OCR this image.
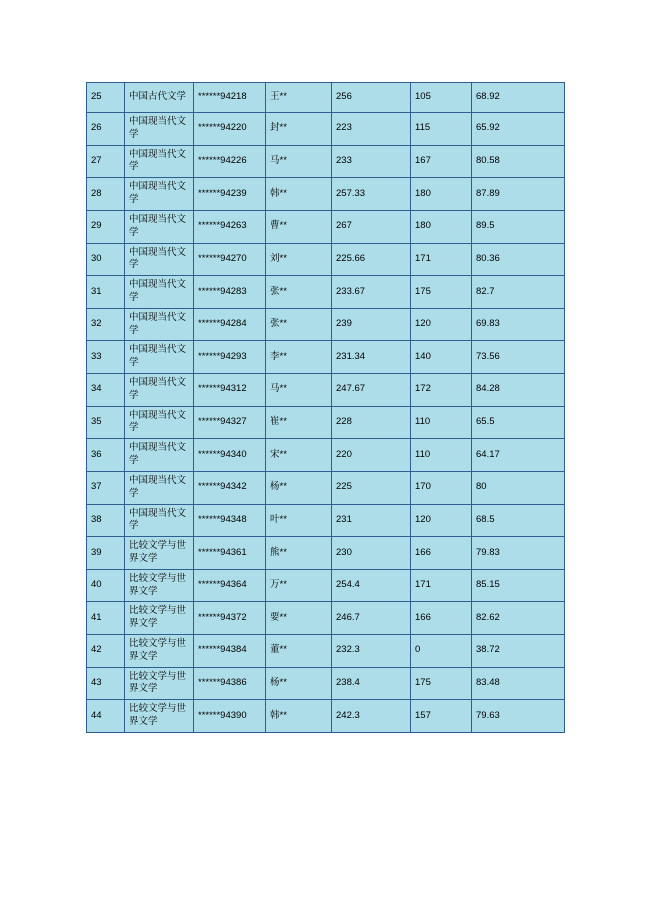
25	中国古代文学	******94218	王**	256	105	68.92
26	中国现当代文学	******94220	封**	223	115	65.92
27	中国现当代文学	******94226	马**	233	167	80.58
28	中国现当代文学	******94239	韩**	257.33	180	87.89
29	中国现当代文学	******94263	曹**	267	180	89.5
30	中国现当代文学	******94270	刘**	225.66	171	80.36
31	中国现当代文学	******94283	张**	233.67	175	82.7
32	中国现当代文学	******94284	张**	239	120	69.83
33	中国现当代文学	******94293	李**	231.34	140	73.56
34	中国现当代文学	******94312	马**	247.67	172	84.28
35	中国现当代文学	******94327	崔**	228	110	65.5
36	中国现当代文学	******94340	宋**	220	110	64.17
37	中国现当代文学	******94342	杨**	225	170	80
38	中国现当代文学	******94348	叶**	231	120	68.5
39	比较文学与世界文学	******94361	熊**	230	166	79.83
40	比较文学与世界文学	******94364	万**	254.4	171	85.15
41	比较文学与世界文学	******94372	要**	246.7	166	82.62
42	比较文学与世界文学	******94384	董**	232.3	0	38.72
43	比较文学与世界文学	******94386	杨**	238.4	175	83.48
44	比较文学与世界文学	******94390	韩**	242.3	157	79.63
